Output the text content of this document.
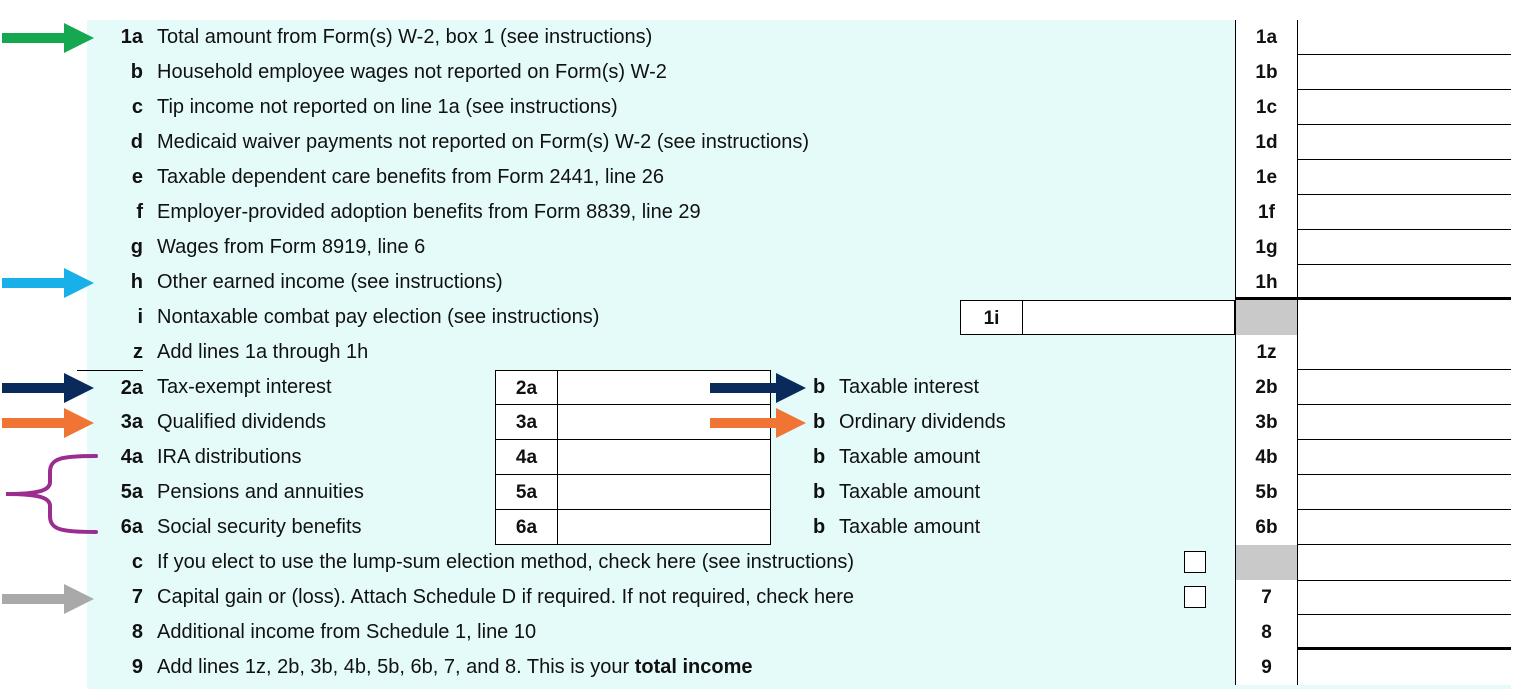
1a Total amount from Form(s) W-2, box 1 (see instructions)	1a
b Household employee wages not reported on Form(s) W-2	1b
c Tip income not reported on line 1a (see instructions)	1c
d Medicaid waiver payments not reported on Form(s) W-2 (see instructions)	1d
e Taxable dependent care benefits from Form 2441, line 26	1e
f Employer-provided adoption benefits from Form 8839, line 29	1f
g Wages from Form 8919, line 6	1g
h Other earned income (see instructions)	1h
i Nontaxable combat pay election (see instructions)	1i
z Add lines 1a through 1h	1z
2a Tax-exempt interest	2a	b Taxable interest	2b
3a Qualified dividends	3a	b Ordinary dividends	3b
4a IRA distributions	4a	b Taxable amount	4b
5a Pensions and annuities	5a	b Taxable amount	5b
6a Social security benefits	6a	b Taxable amount	6b
c If you elect to use the lump-sum election method, check here (see instructions)
7 Capital gain or (loss). Attach Schedule D if required. If not required, check here	7
8 Additional income from Schedule 1, line 10	8
9 Add lines 1z, 2b, 3b, 4b, 5b, 6b, 7, and 8. This is your total income	9
